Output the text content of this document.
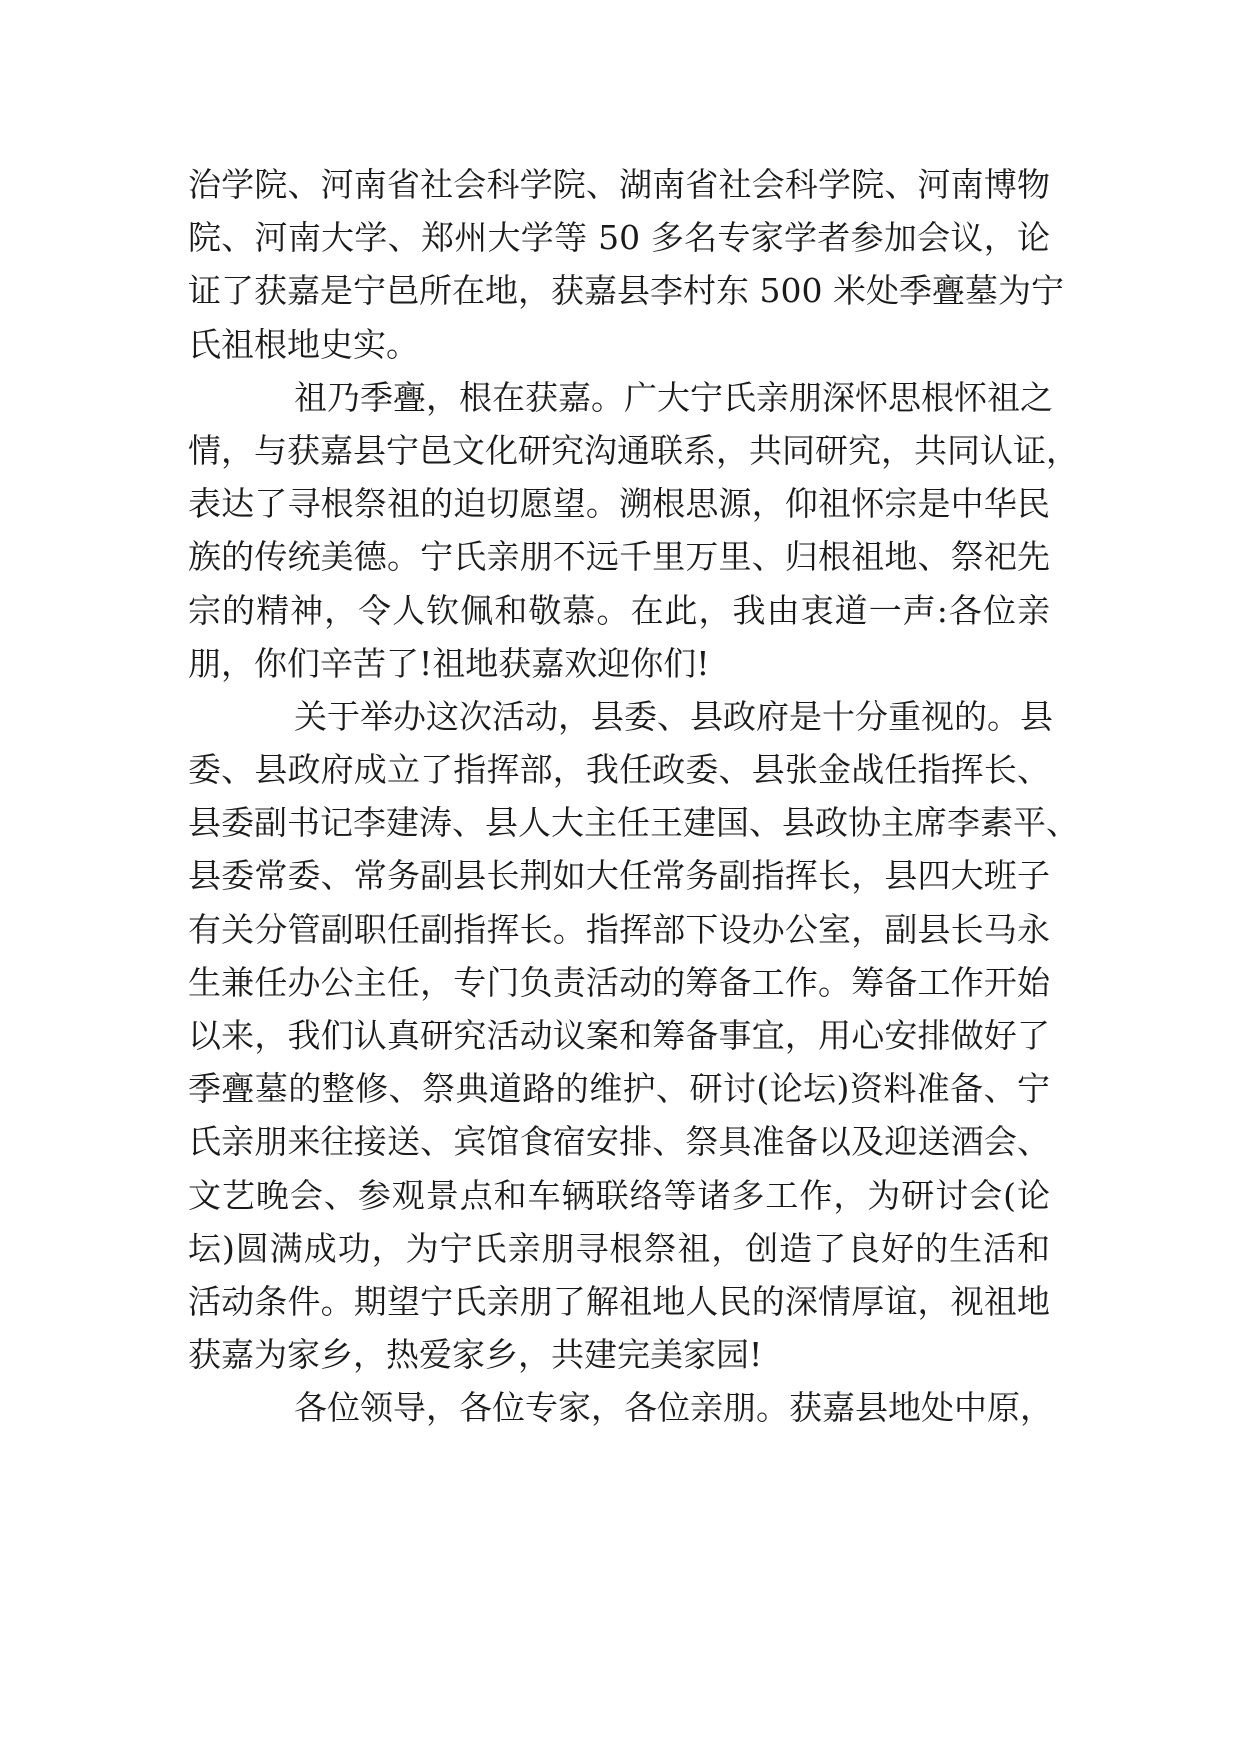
治学院、河南省社会科学院、湖南省社会科学院、河南博物
院、河南大学、郑州大学等 50 多名专家学者参加会议，论
证了获嘉是宁邑所在地，获嘉县李村东 500 米处季亹墓为宁
氏祖根地史实。
祖乃季亹，根在获嘉。广大宁氏亲朋深怀思根怀祖之
情，与获嘉县宁邑文化研究沟通联系，共同研究，共同认证，
表达了寻根祭祖的迫切愿望。溯根思源，仰祖怀宗是中华民
族的传统美德。宁氏亲朋不远千里万里、归根祖地、祭祀先
宗的精神，令人钦佩和敬慕。在此，我由衷道一声:各位亲
朋，你们辛苦了!祖地获嘉欢迎你们!
关于举办这次活动，县委、县政府是十分重视的。县
委、县政府成立了指挥部，我任政委、县张金战任指挥长、
县委副书记李建涛、县人大主任王建国、县政协主席李素平、
县委常委、常务副县长荆如大任常务副指挥长，县四大班子
有关分管副职任副指挥长。指挥部下设办公室，副县长马永
生兼任办公主任，专门负责活动的筹备工作。筹备工作开始
以来，我们认真研究活动议案和筹备事宜，用心安排做好了
季亹墓的整修、祭典道路的维护、研讨(论坛)资料准备、宁
氏亲朋来往接送、宾馆食宿安排、祭具准备以及迎送酒会、
文艺晚会、参观景点和车辆联络等诸多工作，为研讨会(论
坛)圆满成功，为宁氏亲朋寻根祭祖，创造了良好的生活和
活动条件。期望宁氏亲朋了解祖地人民的深情厚谊，视祖地
获嘉为家乡，热爱家乡，共建完美家园!
各位领导，各位专家，各位亲朋。获嘉县地处中原，
